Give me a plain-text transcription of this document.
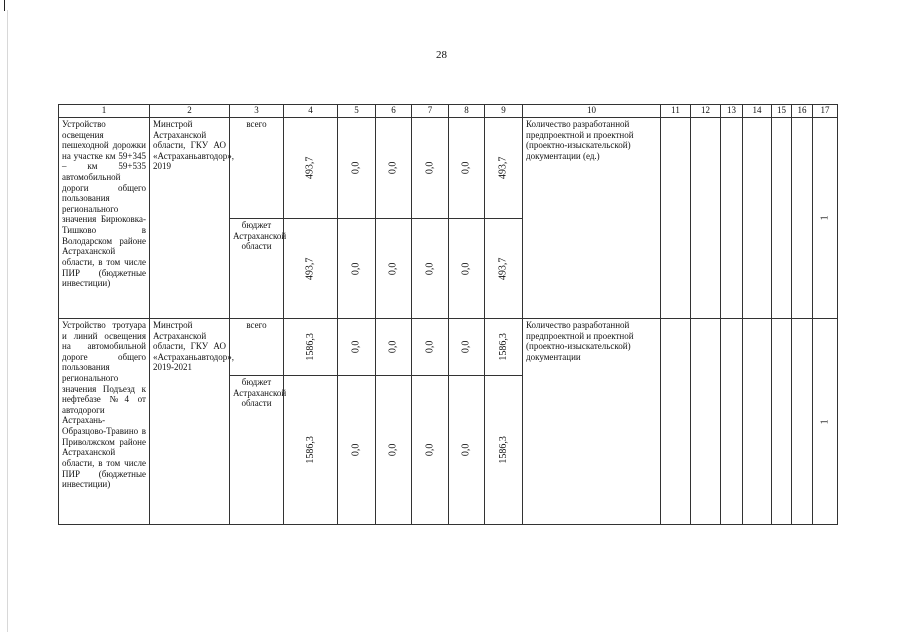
28
1	2	3	4	5	6	7	8	9	10	11	12	13	14	15	16	17
Устройство освещения пешеходной дорожки на участке км 59+345 – км 59+535 автомобильной дороги общего пользования регионального значения Бирюковка-Тишково в Володарском районе Астраханской области, в том числе ПИР (бюджетные инвестиции)	Минстрой Астраханской области, ГКУ АО «Астраханьавтодор», 2019	всего	493,7	0,0	0,0	0,0	0,0	493,7	Количество разработанной предпроектной и проектной (проектно-изыскательской) документации (ед.)							1
		бюджет Астраханской области	493,7	0,0	0,0	0,0	0,0	493,7								
Устройство тротуара и линий освещения на автомобильной дороге общего пользования регионального значения Подъезд к нефтебазе №4 от автодороги Астрахань-Образцово-Травино в Приволжском районе Астраханской области, в том числе ПИР (бюджетные инвестиции)	Минстрой Астраханской области, ГКУ АО «Астраханьавтодор», 2019-2021	всего	1586,3	0,0	0,0	0,0	0,0	1586,3	Количество разработанной предпроектной и проектной (проектно-изыскательской) документации							1
		бюджет Астраханской области	1586,3	0,0	0,0	0,0	0,0	1586,3								
